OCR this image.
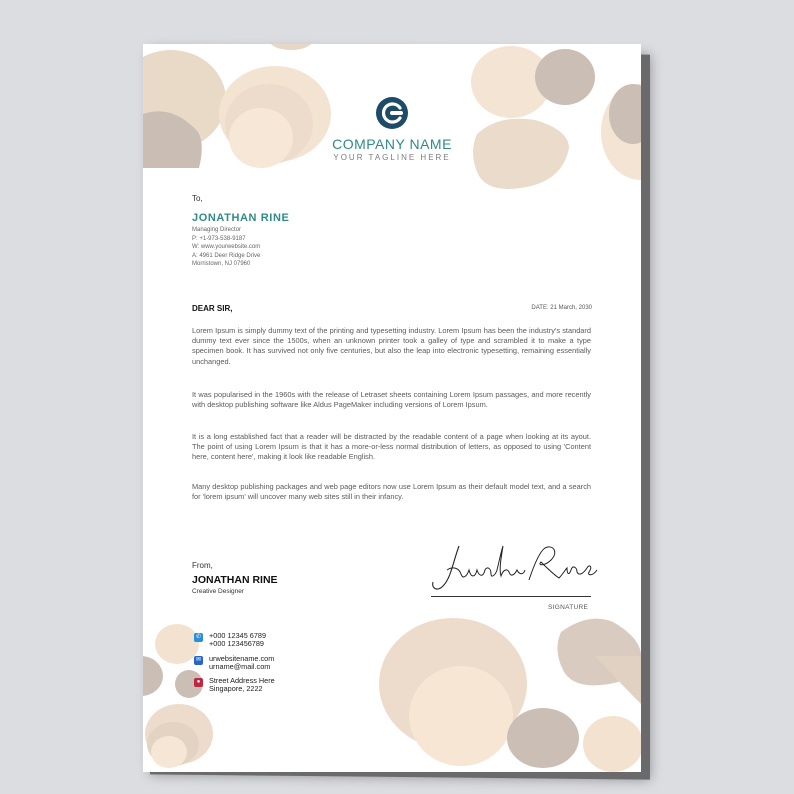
COMPANY NAME
YOUR TAGLINE HERE
To,
JONATHAN RINE
Managing Director
P: +1-973-538-9187
W: www.yourwebsite.com
A: 4961 Deer Ridge Drive
Morristown, NJ 07960
DEAR SIR,	DATE: 21 March, 2030

Lorem Ipsum is simply dummy text of the printing and typesetting industry. Lorem Ipsum has been the industry's standard dummy text ever since the 1500s, when an unknown printer took a galley of type and scrambled it to make a type specimen book. It has survived not only five centuries, but also the leap into electronic typesetting, remaining essentially unchanged.

It was popularised in the 1960s with the release of Letraset sheets containing Lorem Ipsum passages, and more recently with desktop publishing software like Aldus PageMaker including versions of Lorem Ipsum.

It is a long established fact that a reader will be distracted by the readable content of a page when looking at its ayout. The point of using Lorem Ipsum is that it has a more-or-less normal distribution of letters, as opposed to using 'Content here, content here', making it look like readable English.

Many desktop publishing packages and web page editors now use Lorem Ipsum as their default model text, and a search for 'lorem ipsum' will uncover many web sites still in their infancy.

From,
JONATHAN RINE
Creative Designer
SIGNATURE
✆ +000 12345 6789
+000 123456789
✉ urwebsitename.com
urname@mail.com
●	Street Address Here
Singapore, 2222
